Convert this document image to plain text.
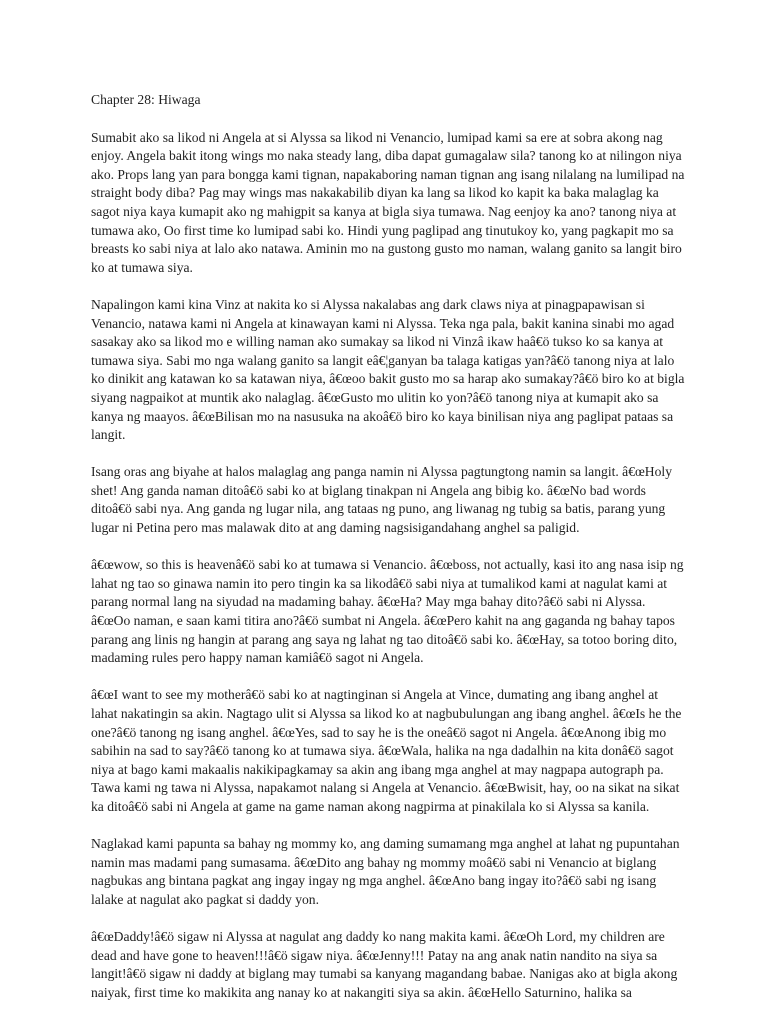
Chapter 28: Hiwaga

Sumabit ako sa likod ni Angela at si Alyssa sa likod ni Venancio, lumipad kami sa ere at sobra akong nag enjoy. Angela bakit itong wings mo naka steady lang, diba dapat gumagalaw sila? tanong ko at nilingon niya ako. Props lang yan para bongga kami tignan, napakaboring naman tignan ang isang nilalang na lumilipad na straight body diba? Pag may wings mas nakakabilib diyan ka lang sa likod ko kapit ka baka malaglag ka sagot niya kaya kumapit ako ng mahigpit sa kanya at bigla siya tumawa. Nag eenjoy ka ano? tanong niya at tumawa ako, Oo first time ko lumipad sabi ko. Hindi yung paglipad ang tinutukoy ko, yang pagkapit mo sa breasts ko sabi niya at lalo ako natawa. Aminin mo na gustong gusto mo naman, walang ganito sa langit biro ko at tumawa siya.

Napalingon kami kina Vinz at nakita ko si Alyssa nakalabas ang dark claws niya at pinagpapawisan si Venancio, natawa kami ni Angela at kinawayan kami ni Alyssa. Teka nga pala, bakit kanina sinabi mo agad sasakay ako sa likod mo e willing naman ako sumakay sa likod ni Vinzâ ikaw haâ€ö tukso ko sa kanya at tumawa siya. Sabi mo nga walang ganito sa langit eâ€¦ganyan ba talaga katigas yan?â€ö tanong niya at lalo ko dinikit ang katawan ko sa katawan niya, â€œoo bakit gusto mo sa harap ako sumakay?â€ö biro ko at bigla siyang nagpaikot at muntik ako nalaglag. â€œGusto mo ulitin ko yon?â€ö tanong niya at kumapit ako sa kanya ng maayos. â€œBilisan mo na nasusuka na akoâ€ö biro ko kaya binilisan niya ang paglipat pataas sa langit.

Isang oras ang biyahe at halos malaglag ang panga namin ni Alyssa pagtungtong namin sa langit. â€œHoly shet! Ang ganda naman ditoâ€ö sabi ko at biglang tinakpan ni Angela ang bibig ko. â€œNo bad words ditoâ€ö sabi nya. Ang ganda ng lugar nila, ang tataas ng puno, ang liwanag ng tubig sa batis, parang yung lugar ni Petina pero mas malawak dito at ang daming nagsisigandahang anghel sa paligid.

â€œwow, so this is heavenâ€ö sabi ko at tumawa si Venancio. â€œboss, not actually, kasi ito ang nasa isip ng lahat ng tao so ginawa namin ito pero tingin ka sa likodâ€ö sabi niya at tumalikod kami at nagulat kami at parang normal lang na siyudad na madaming bahay. â€œHa? May mga bahay dito?â€ö sabi ni Alyssa. â€œOo naman, e saan kami titira ano?â€ö sumbat ni Angela. â€œPero kahit na ang gaganda ng bahay tapos parang ang linis ng hangin at parang ang saya ng lahat ng tao ditoâ€ö sabi ko. â€œHay, sa totoo boring dito, madaming rules pero happy naman kamiâ€ö sagot ni Angela.

â€œI want to see my motherâ€ö sabi ko at nagtinginan si Angela at Vince, dumating ang ibang anghel at lahat nakatingin sa akin. Nagtago ulit si Alyssa sa likod ko at nagbubulungan ang ibang anghel. â€œIs he the one?â€ö tanong ng isang anghel. â€œYes, sad to say he is the oneâ€ö sagot ni Angela. â€œAnong ibig mo sabihin na sad to say?â€ö tanong ko at tumawa siya. â€œWala, halika na nga dadalhin na kita donâ€ö sagot niya at bago kami makaalis nakikipagkamay sa akin ang ibang mga anghel at may nagpapa autograph pa. Tawa kami ng tawa ni Alyssa, napakamot nalang si Angela at Venancio. â€œBwisit, hay, oo na sikat na sikat ka ditoâ€ö sabi ni Angela at game na game naman akong nagpirma at pinakilala ko si Alyssa sa kanila.

Naglakad kami papunta sa bahay ng mommy ko, ang daming sumamang mga anghel at lahat ng pupuntahan namin mas madami pang sumasama. â€œDito ang bahay ng mommy moâ€ö sabi ni Venancio at biglang nagbukas ang bintana pagkat ang ingay ingay ng mga anghel. â€œAno bang ingay ito?â€ö sabi ng isang lalake at nagulat ako pagkat si daddy yon.

â€œDaddy!â€ö sigaw ni Alyssa at nagulat ang daddy ko nang makita kami. â€œOh Lord, my children are dead and have gone to heaven!!!â€ö sigaw niya. â€œJenny!!! Patay na ang anak natin nandito na siya sa langit!â€ö sigaw ni daddy at biglang may tumabi sa kanyang magandang babae. Nanigas ako at bigla akong naiyak, first time ko makikita ang nanay ko at nakangiti siya sa akin. â€œHello Saturnino, halika sa
